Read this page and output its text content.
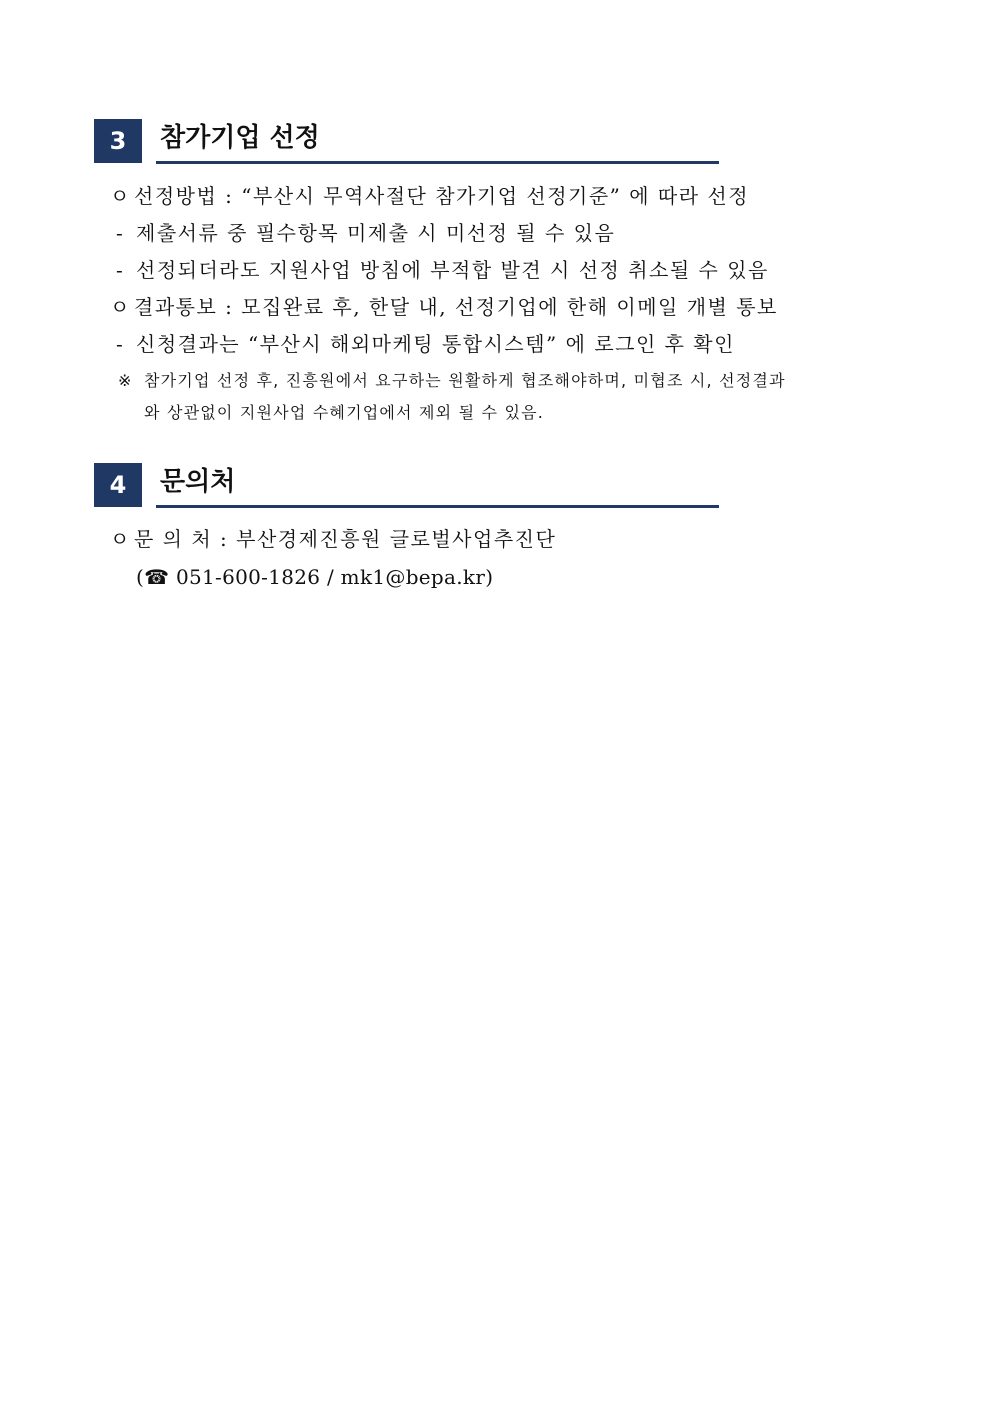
3	참가기업 선정
ㅇ 선정방법 : “부산시 무역사절단 참가기업 선정기준” 에 따라 선정
- 제출서류 중 필수항목 미제출 시 미선정 될 수 있음
- 선정되더라도 지원사업 방침에 부적합 발견 시 선정 취소될 수 있음
ㅇ 결과통보 : 모집완료 후, 한달 내, 선정기업에 한해 이메일 개별 통보
- 신청결과는 “부산시 해외마케팅 통합시스템” 에 로그인 후 확인
※ 참가기업 선정 후, 진흥원에서 요구하는 원활하게 협조해야하며, 미협조 시, 선정결과
와 상관없이 지원사업 수혜기업에서 제외 될 수 있음.
4	문의처
ㅇ 문 의 처 : 부산경제진흥원 글로벌사업추진단
(☎ 051-600-1826 / mk1@bepa.kr)
